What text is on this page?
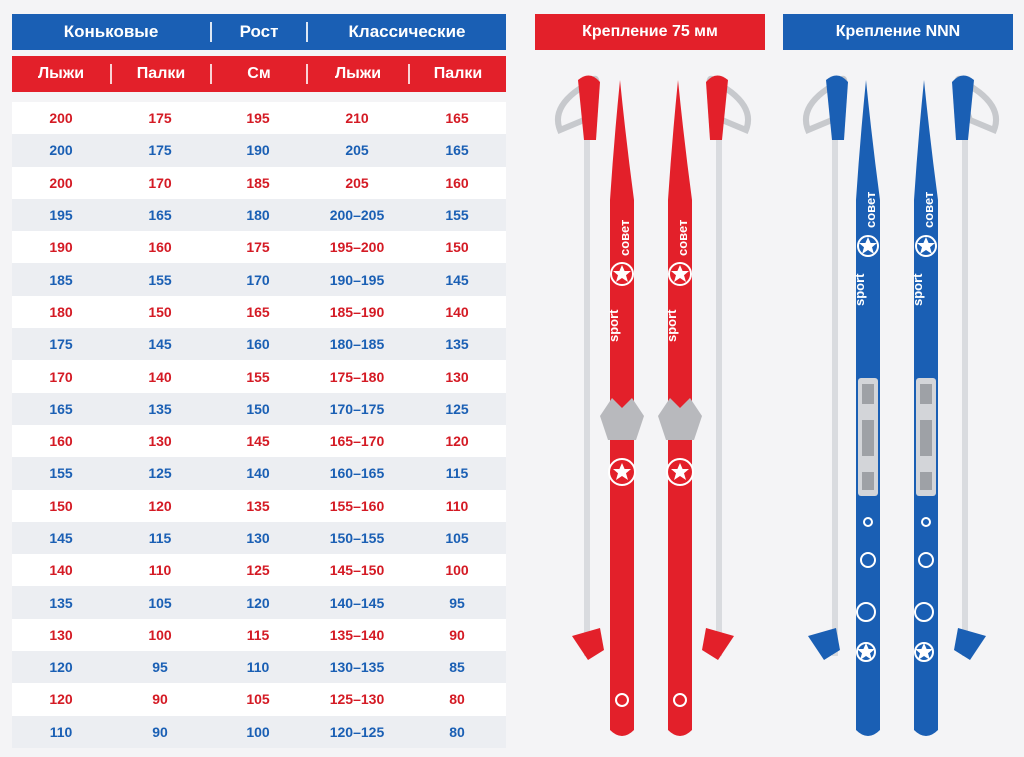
Коньковые	Рост	Классические
Лыжи	Палки	См	Лыжи	Палки
200	175	195	210	165
200	175	190	205	165
200	170	185	205	160
195	165	180	200–205	155
190	160	175	195–200	150
185	155	170	190–195	145
180	150	165	185–190	140
175	145	160	180–185	135
170	140	155	175–180	130
165	135	150	170–175	125
160	130	145	165–170	120
155	125	140	160–165	115
150	120	135	155–160	110
145	115	130	150–155	105
140	110	125	145–150	100
135	105	120	140–145	95
130	100	115	135–140	90
120	95	110	130–135	85
120	90	105	125–130	80
110	90	100	120–125	80
Крепление 75 мм	Крепление NNN
sport
совет
sport
совет
sport
совет
sport
совет
